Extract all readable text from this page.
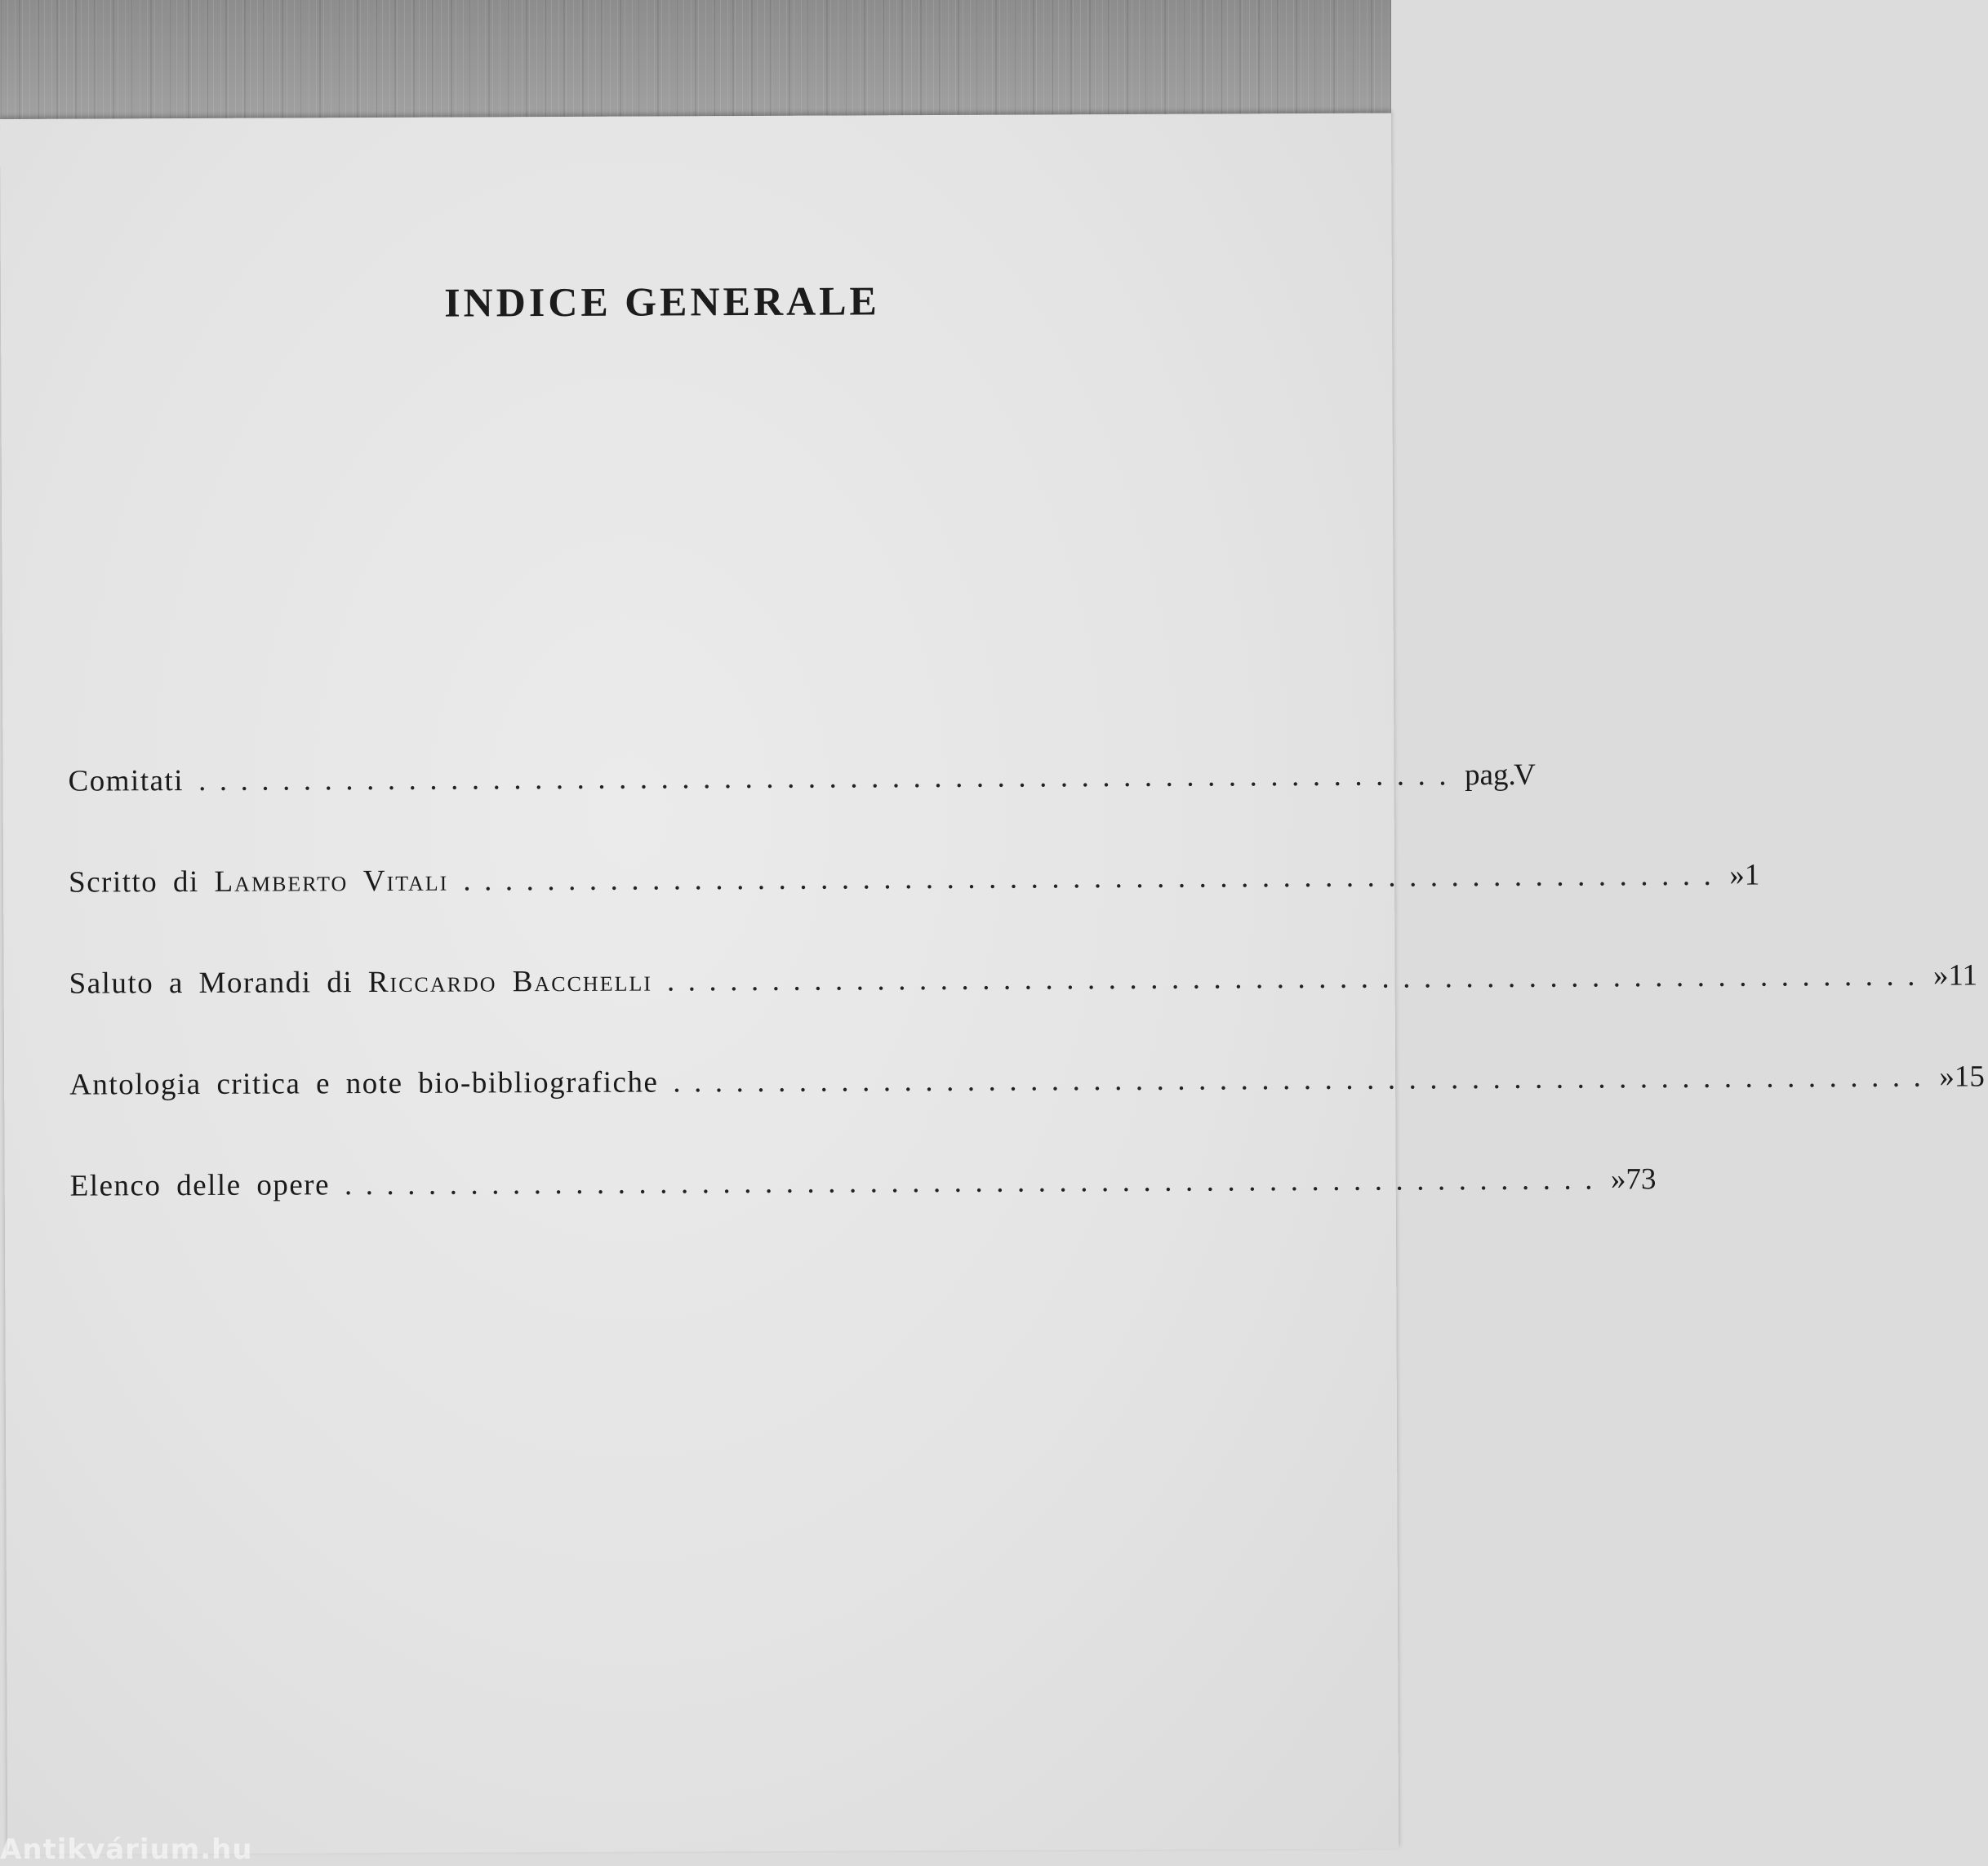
INDICE GENERALE
Comitati ............................................................ pag.
V
Scritto di Lamberto Vitali ............................................................ » 1
Saluto a Morandi di Riccardo Bacchelli ............................................................ » 11
Antologia critica e note bio-bibliografiche ............................................................ » 15
Elenco delle opere ............................................................ » 73
Antikvárium.hu
